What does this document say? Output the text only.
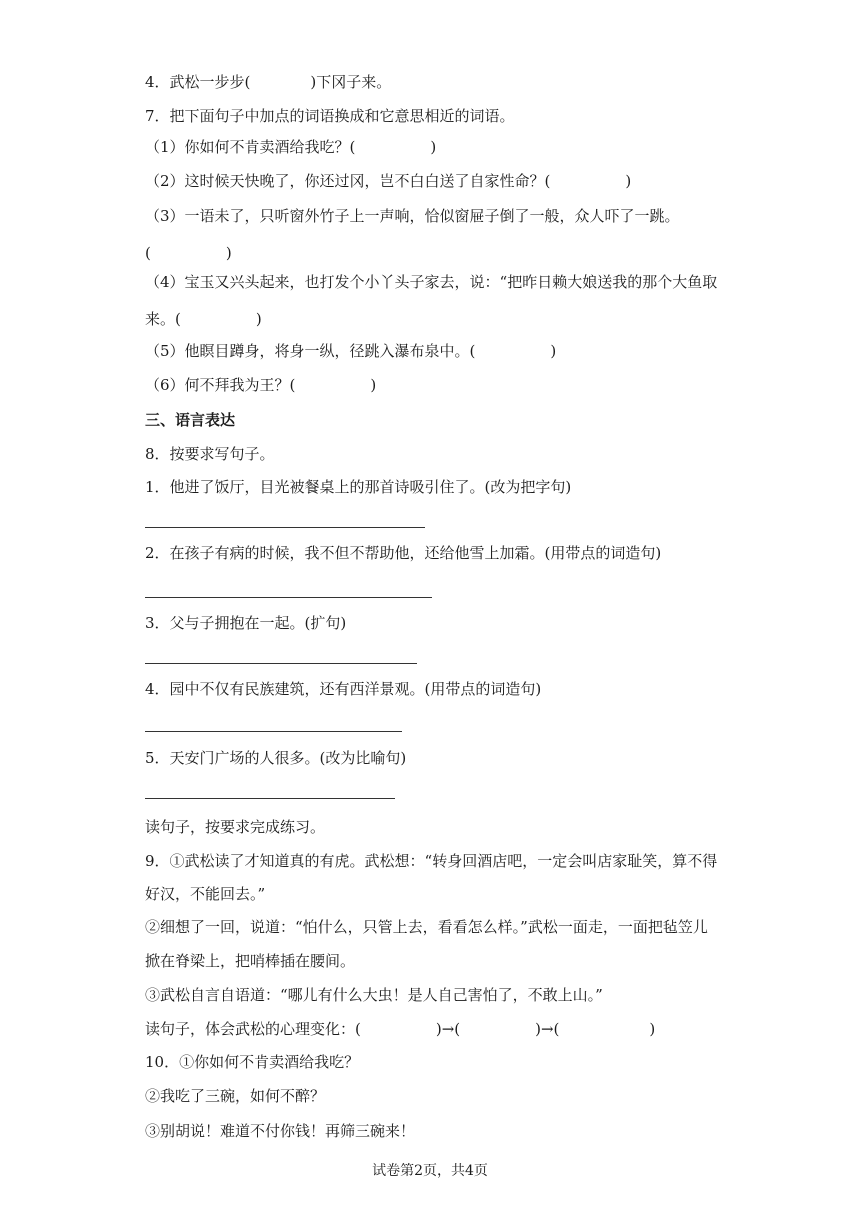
4．武松一步步(　　　　)下冈子来。
7．把下面句子中加点的词语换成和它意思相近的词语。
（1）你如何不肯卖酒给我吃？(　　　　　)
（2）这时候天快晚了，你还过冈，岂不白白送了自家性命？(　　　　　)
（3）一语未了，只听窗外竹子上一声响，恰似窗屉子倒了一般，众人吓了一跳。
(　　　　　)
（4）宝玉又兴头起来，也打发个小丫头子家去，说：“把昨日赖大娘送我的那个大鱼取
来。(　　　　　)
（5）他瞑目蹲身，将身一纵，径跳入瀑布泉中。(　　　　　)
（6）何不拜我为王？(　　　　　)
三、语言表达
8．按要求写句子。
1．他进了饭厅，目光被餐桌上的那首诗吸引住了。(改为把字句)
2．在孩子有病的时候，我不但不帮助他，还给他雪上加霜。(用带点的词造句)
3．父与子拥抱在一起。(扩句)
4．园中不仅有民族建筑，还有西洋景观。(用带点的词造句)
5．天安门广场的人很多。(改为比喻句)
读句子，按要求完成练习。
9．①武松读了才知道真的有虎。武松想：“转身回酒店吧，一定会叫店家耻笑，算不得
好汉，不能回去。”
②细想了一回，说道：“怕什么，只管上去，看看怎么样。”武松一面走，一面把毡笠儿
掀在脊梁上，把哨棒插在腰间。
③武松自言自语道：“哪儿有什么大虫！是人自己害怕了，不敢上山。”
读句子，体会武松的心理变化：(　　　　　)→(　　　　　)→(　　　　　　)
10．①你如何不肯卖酒给我吃？
②我吃了三碗，如何不醉？
③别胡说！难道不付你钱！再筛三碗来！
试卷第2页，共4页
